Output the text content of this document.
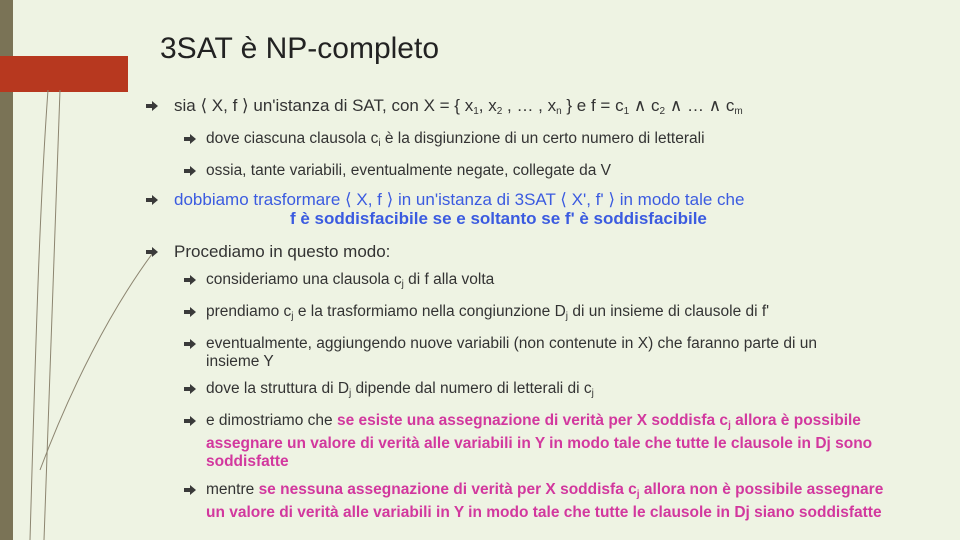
3SAT è NP-completo
sia ⟨ X, f ⟩ un'istanza di SAT, con X = { $x_1$, $x_2$ , … , $x_n$ } e $f = c_1$ ∧ $c_2$ ∧ … ∧ $c_m$
dove ciascuna clausola $c_i$ è la disgiunzione di un certo numero di letterali
ossia, tante variabili, eventualmente negate, collegate da V
dobbiamo trasformare ⟨ X, f ⟩ in un'istanza di 3SAT ⟨ X', f' ⟩ in modo tale che
f è soddisfacibile se e soltanto se f' è soddisfacibile
Procediamo in questo modo:
consideriamo una clausola $c_j$ di f alla volta
prendiamo $c_j$ e la trasformiamo nella congiunzione $D_j$ di un insieme di clausole di f'
eventualmente, aggiungendo nuove variabili (non contenute in X) che faranno parte di un
insieme Y
dove la struttura di $D_j$ dipende dal numero di letterali di $c_j$
e dimostriamo che se esiste una assegnazione di verità per X soddisfa $c_j$ allora è possibile
assegnare un valore di verità alle variabili in Y in modo tale che tutte le clausole in Dj sono
soddisfatte
mentre se nessuna assegnazione di verità per X soddisfa $c_j$ allora non è possibile assegnare
un valore di verità alle variabili in Y in modo tale che tutte le clausole in Dj siano soddisfatte
